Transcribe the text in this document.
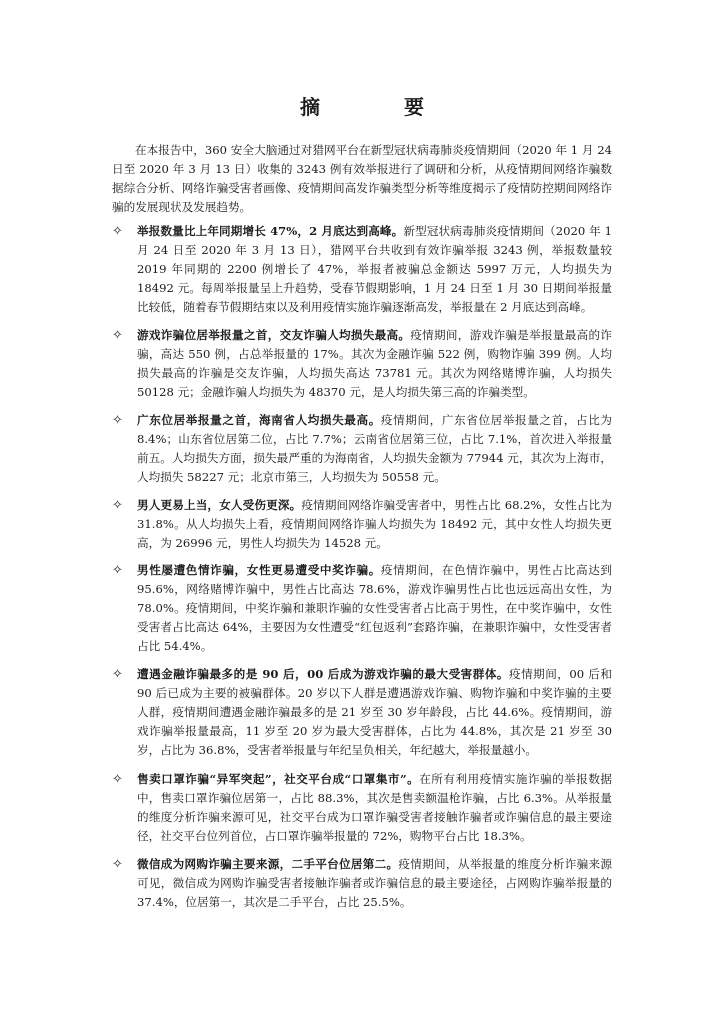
摘　要

在本报告中，360 安全大脑通过对猎网平台在新型冠状病毒肺炎疫情期间（2020 年 1 月 24 日至 2020 年 3 月 13 日）收集的 3243 例有效举报进行了调研和分析，从疫情期间网络诈骗数据综合分析、网络诈骗受害者画像、疫情期间高发诈骗类型分析等维度揭示了疫情防控期间网络诈骗的发展现状及发展趋势。

✧	举报数量比上年同期增长 47%，2 月底达到高峰。新型冠状病毒肺炎疫情期间（2020 年 1 月 24 日至 2020 年 3 月 13 日），猎网平台共收到有效诈骗举报 3243 例，举报数量较 2019 年同期的 2200 例增长了 47%，举报者被骗总金额达 5997 万元，人均损失为 18492 元。每周举报量呈上升趋势，受春节假期影响，1 月 24 日至 1 月 30 日期间举报量比较低，随着春节假期结束以及利用疫情实施诈骗逐渐高发，举报量在 2 月底达到高峰。
✧	游戏诈骗位居举报量之首，交友诈骗人均损失最高。疫情期间，游戏诈骗是举报量最高的诈骗，高达 550 例，占总举报量的 17%。其次为金融诈骗 522 例，购物诈骗 399 例。人均损失最高的诈骗是交友诈骗，人均损失高达 73781 元。其次为网络赌博诈骗，人均损失 50128 元；金融诈骗人均损失为 48370 元，是人均损失第三高的诈骗类型。
✧	广东位居举报量之首，海南省人均损失最高。疫情期间，广东省位居举报量之首，占比为 8.4%；山东省位居第二位，占比 7.7%；云南省位居第三位，占比 7.1%，首次进入举报量前五。人均损失方面，损失最严重的为海南省，人均损失金额为 77944 元，其次为上海市，人均损失 58227 元；北京市第三，人均损失为 50558 元。
✧	男人更易上当，女人受伤更深。疫情期间网络诈骗受害者中，男性占比 68.2%，女性占比为 31.8%。从人均损失上看，疫情期间网络诈骗人均损失为 18492 元，其中女性人均损失更高，为 26996 元，男性人均损失为 14528 元。
✧	男性屡遭色情诈骗，女性更易遭受中奖诈骗。疫情期间，在色情诈骗中，男性占比高达到 95.6%，网络赌博诈骗中，男性占比高达 78.6%，游戏诈骗男性占比也远远高出女性，为 78.0%。疫情期间，中奖诈骗和兼职诈骗的女性受害者占比高于男性，在中奖诈骗中，女性受害者占比高达 64%，主要因为女性遭受“红包返利”套路诈骗，在兼职诈骗中，女性受害者占比 54.4%。
✧	遭遇金融诈骗最多的是 90 后，00 后成为游戏诈骗的最大受害群体。疫情期间，00 后和 90 后已成为主要的被骗群体。20 岁以下人群是遭遇游戏诈骗、购物诈骗和中奖诈骗的主要人群，疫情期间遭遇金融诈骗最多的是 21 岁至 30 岁年龄段，占比 44.6%。疫情期间，游戏诈骗举报量最高，11 岁至 20 岁为最大受害群体，占比为 44.8%，其次是 21 岁至 30 岁，占比为 36.8%，受害者举报量与年纪呈负相关，年纪越大，举报量越小。
✧	售卖口罩诈骗“异军突起”，社交平台成“口罩集市”。在所有利用疫情实施诈骗的举报数据中，售卖口罩诈骗位居第一，占比 88.3%，其次是售卖额温枪诈骗，占比 6.3%。从举报量的维度分析诈骗来源可见，社交平台成为口罩诈骗受害者接触诈骗者或诈骗信息的最主要途径，社交平台位列首位，占口罩诈骗举报量的 72%，购物平台占比 18.3%。
✧	微信成为网购诈骗主要来源，二手平台位居第二。疫情期间，从举报量的维度分析诈骗来源可见，微信成为网购诈骗受害者接触诈骗者或诈骗信息的最主要途径，占网购诈骗举报量的 37.4%，位居第一，其次是二手平台，占比 25.5%。
